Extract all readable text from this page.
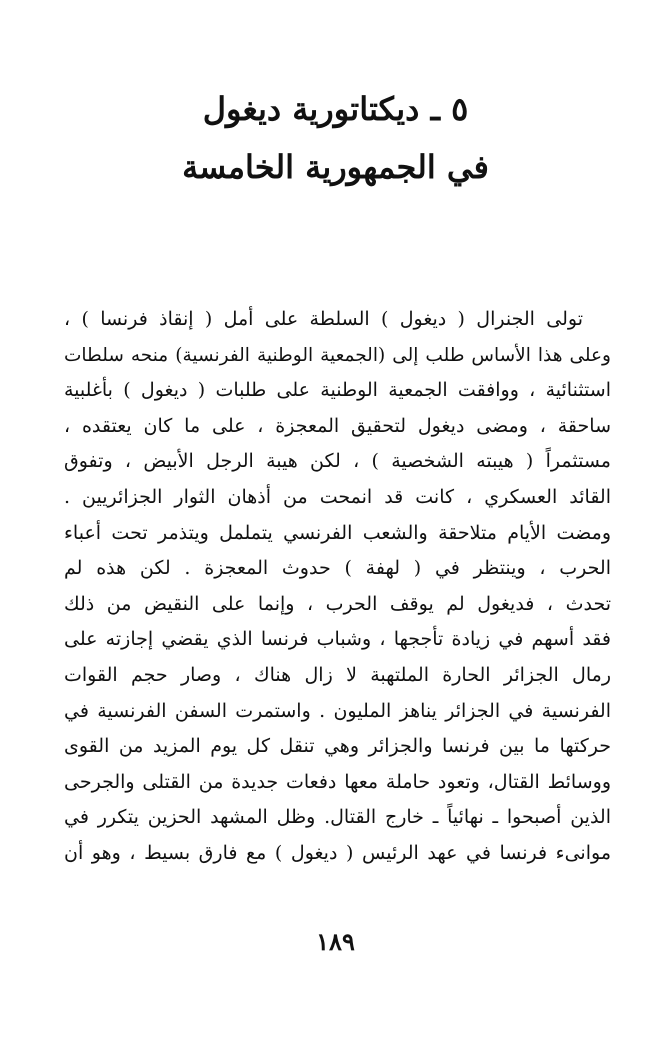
٥ ـ ديكتاتورية ديغول
في الجمهورية الخامسة
تولى الجنرال ( ديغول ) السلطة على أمل ( إنقاذ فرنسا ) ،
وعلى هذا الأساس طلب إلى (الجمعية الوطنية الفرنسية) منحه سلطات
استثنائية ، ووافقت الجمعية الوطنية على طلبات ( ديغول ) بأغلبية
ساحقة ، ومضى ديغول لتحقيق المعجزة ، على ما كان يعتقده ،
مستثمراً ( هيبته الشخصية ) ، لكن هيبة الرجل الأبيض ، وتفوق
القائد العسكري ، كانت قد انمحت من أذهان الثوار الجزائريين .
ومضت الأيام متلاحقة والشعب الفرنسي يتململ ويتذمر تحت أعباء
الحرب ، وينتظر في ( لهفة ) حدوث المعجزة . لكن هذه لم
تحدث ، فديغول لم يوقف الحرب ، وإنما على النقيض من ذلك
فقد أسهم في زيادة تأججها ، وشباب فرنسا الذي يقضي إجازته على
رمال الجزائر الحارة الملتهبة لا زال هناك ، وصار حجم القوات
الفرنسية في الجزائر يناهز المليون . واستمرت السفن الفرنسية في
حركتها ما بين فرنسا والجزائر وهي تنقل كل يوم المزيد من القوى
ووسائط القتال، وتعود حاملة معها دفعات جديدة من القتلى والجرحى
الذين أصبحوا ـ نهائياً ـ خارج القتال. وظل المشهد الحزين يتكرر في
موانىء فرنسا في عهد الرئيس ( ديغول ) مع فارق بسيط ، وهو أن
١٨٩
